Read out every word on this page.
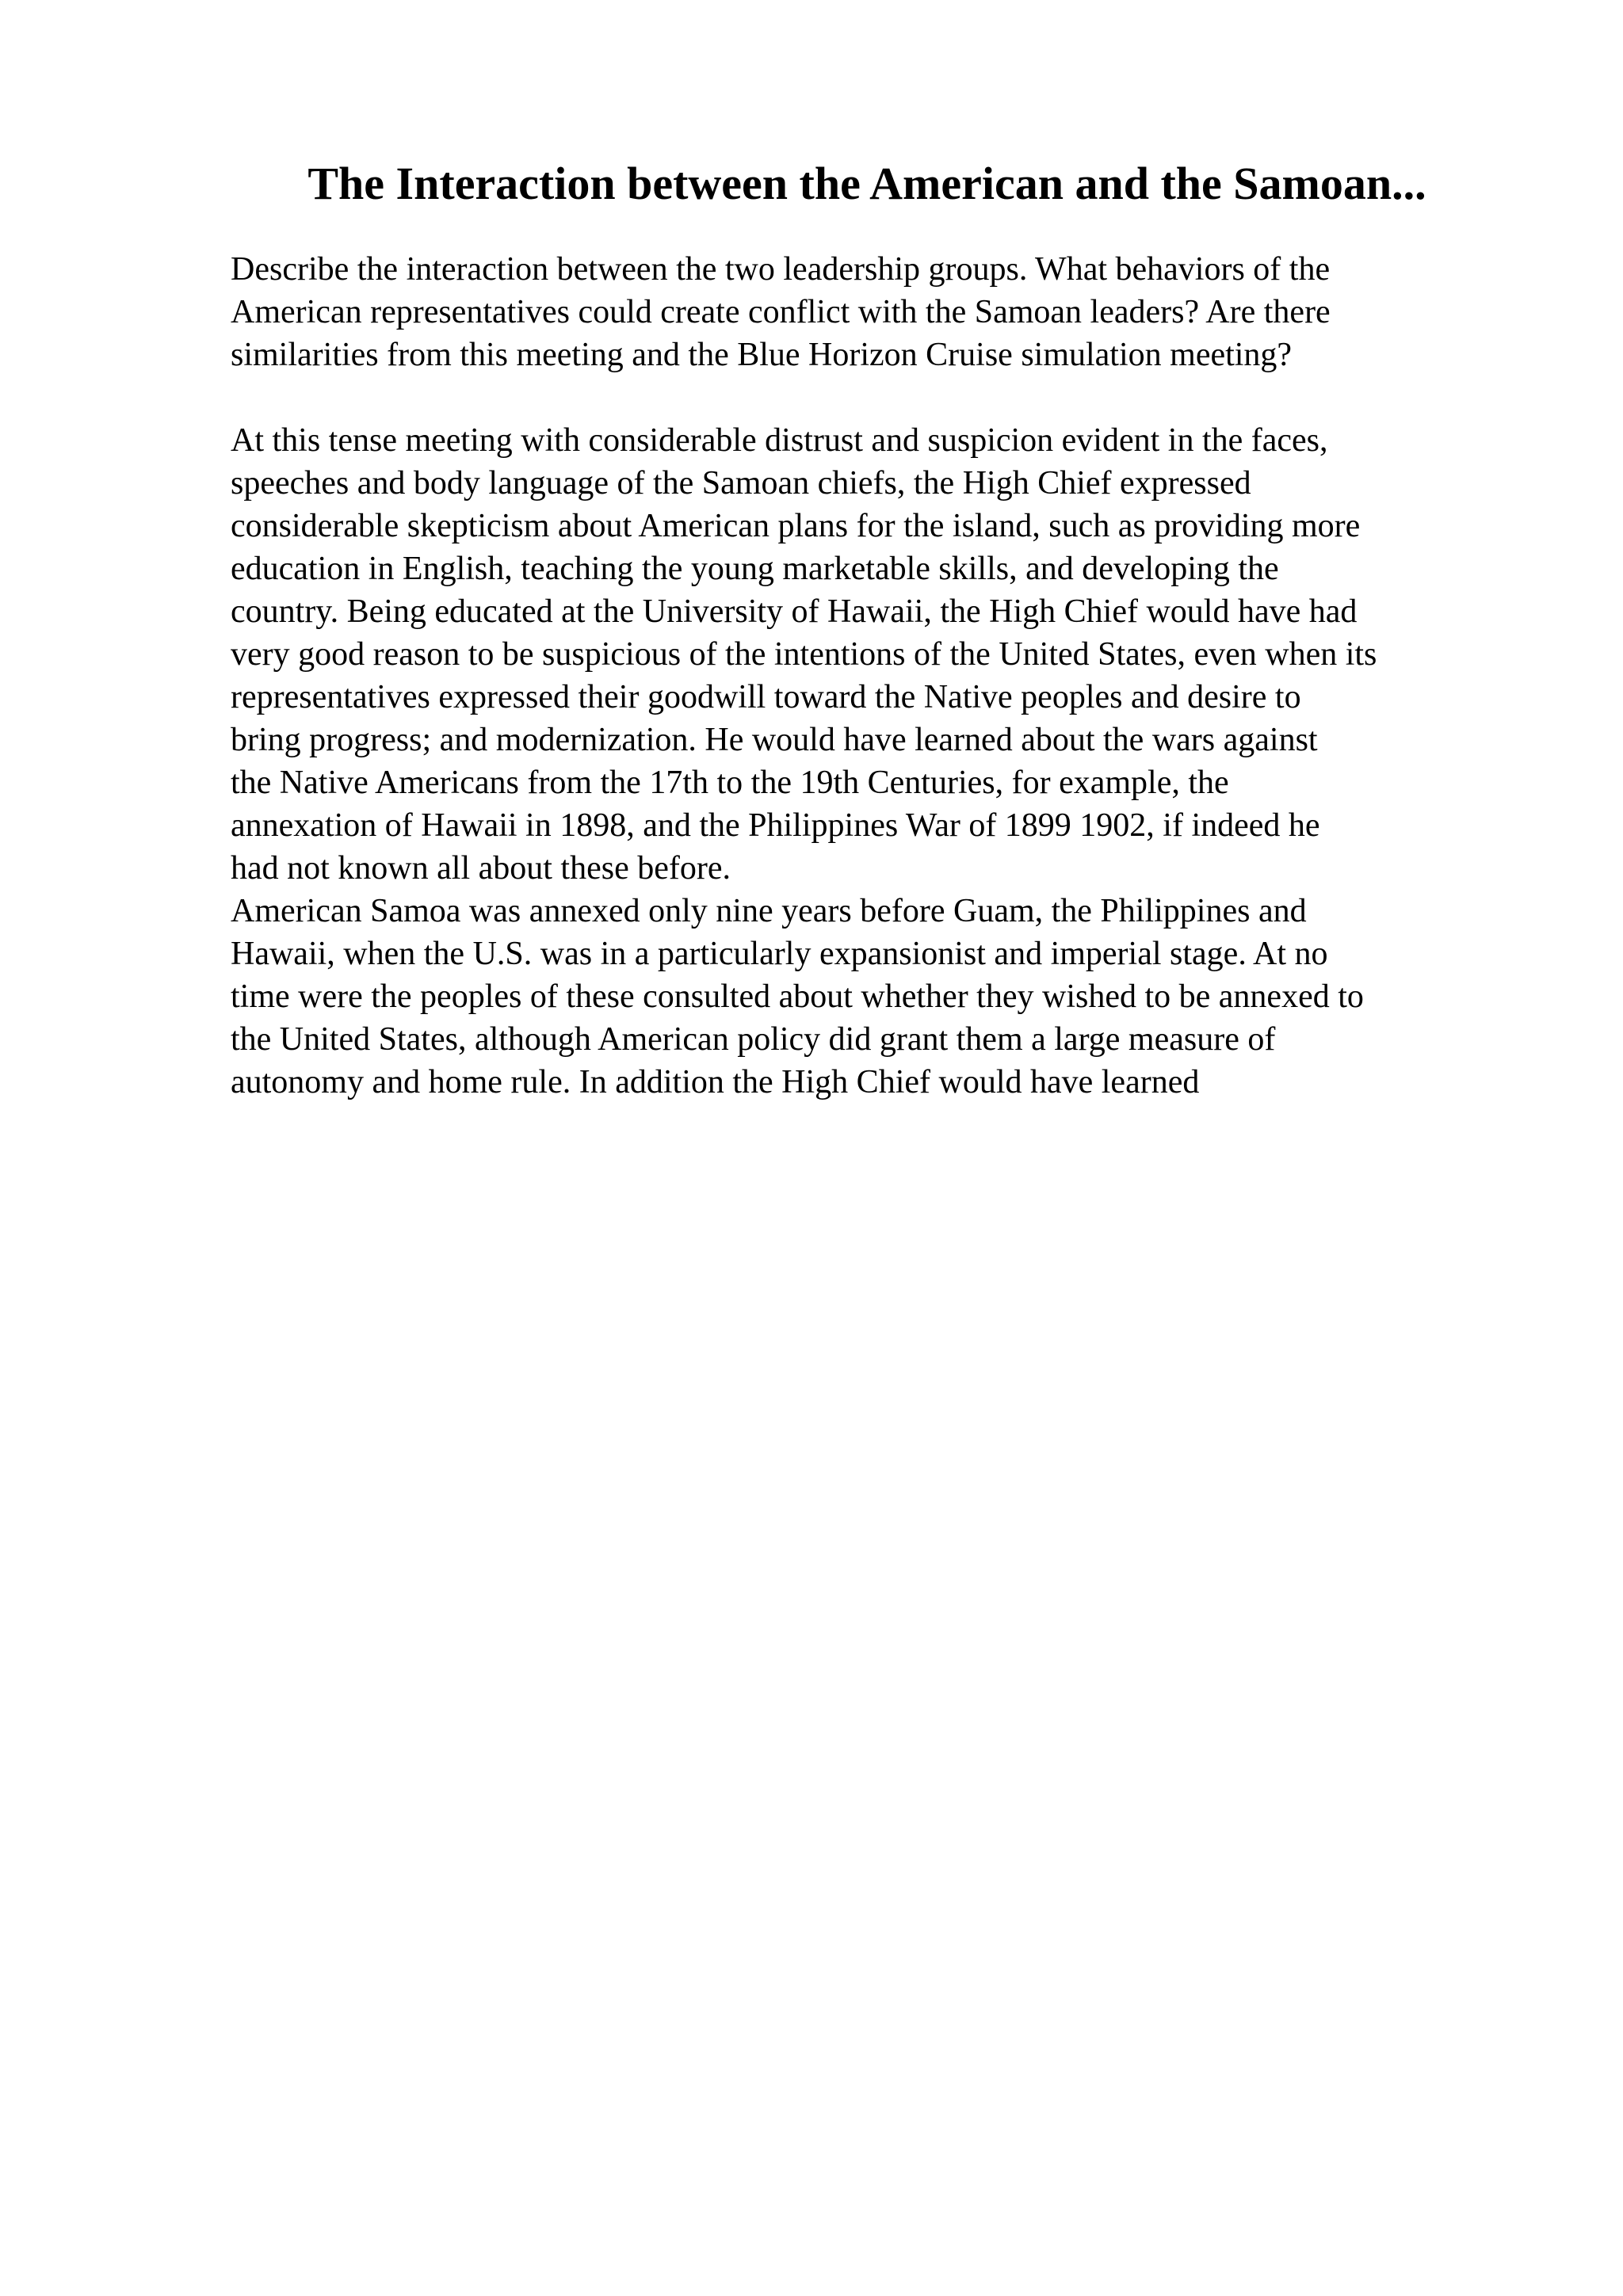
The Interaction between the American and the Samoan...
Describe the interaction between the two leadership groups. What behaviors of the
American representatives could create conflict with the Samoan leaders? Are there
similarities from this meeting and the Blue Horizon Cruise simulation meeting?
At this tense meeting with considerable distrust and suspicion evident in the faces,
speeches and body language of the Samoan chiefs, the High Chief expressed
considerable skepticism about American plans for the island, such as providing more
education in English, teaching the young marketable skills, and developing the
country. Being educated at the University of Hawaii, the High Chief would have had
very good reason to be suspicious of the intentions of the United States, even when its
representatives expressed their goodwill toward the Native peoples and desire to
bring progress; and modernization. He would have learned about the wars against
the Native Americans from the 17th to the 19th Centuries, for example, the
annexation of Hawaii in 1898, and the Philippines War of 1899 1902, if indeed he
had not known all about these before.
American Samoa was annexed only nine years before Guam, the Philippines and
Hawaii, when the U.S. was in a particularly expansionist and imperial stage. At no
time were the peoples of these consulted about whether they wished to be annexed to
the United States, although American policy did grant them a large measure of
autonomy and home rule. In addition the High Chief would have learned
